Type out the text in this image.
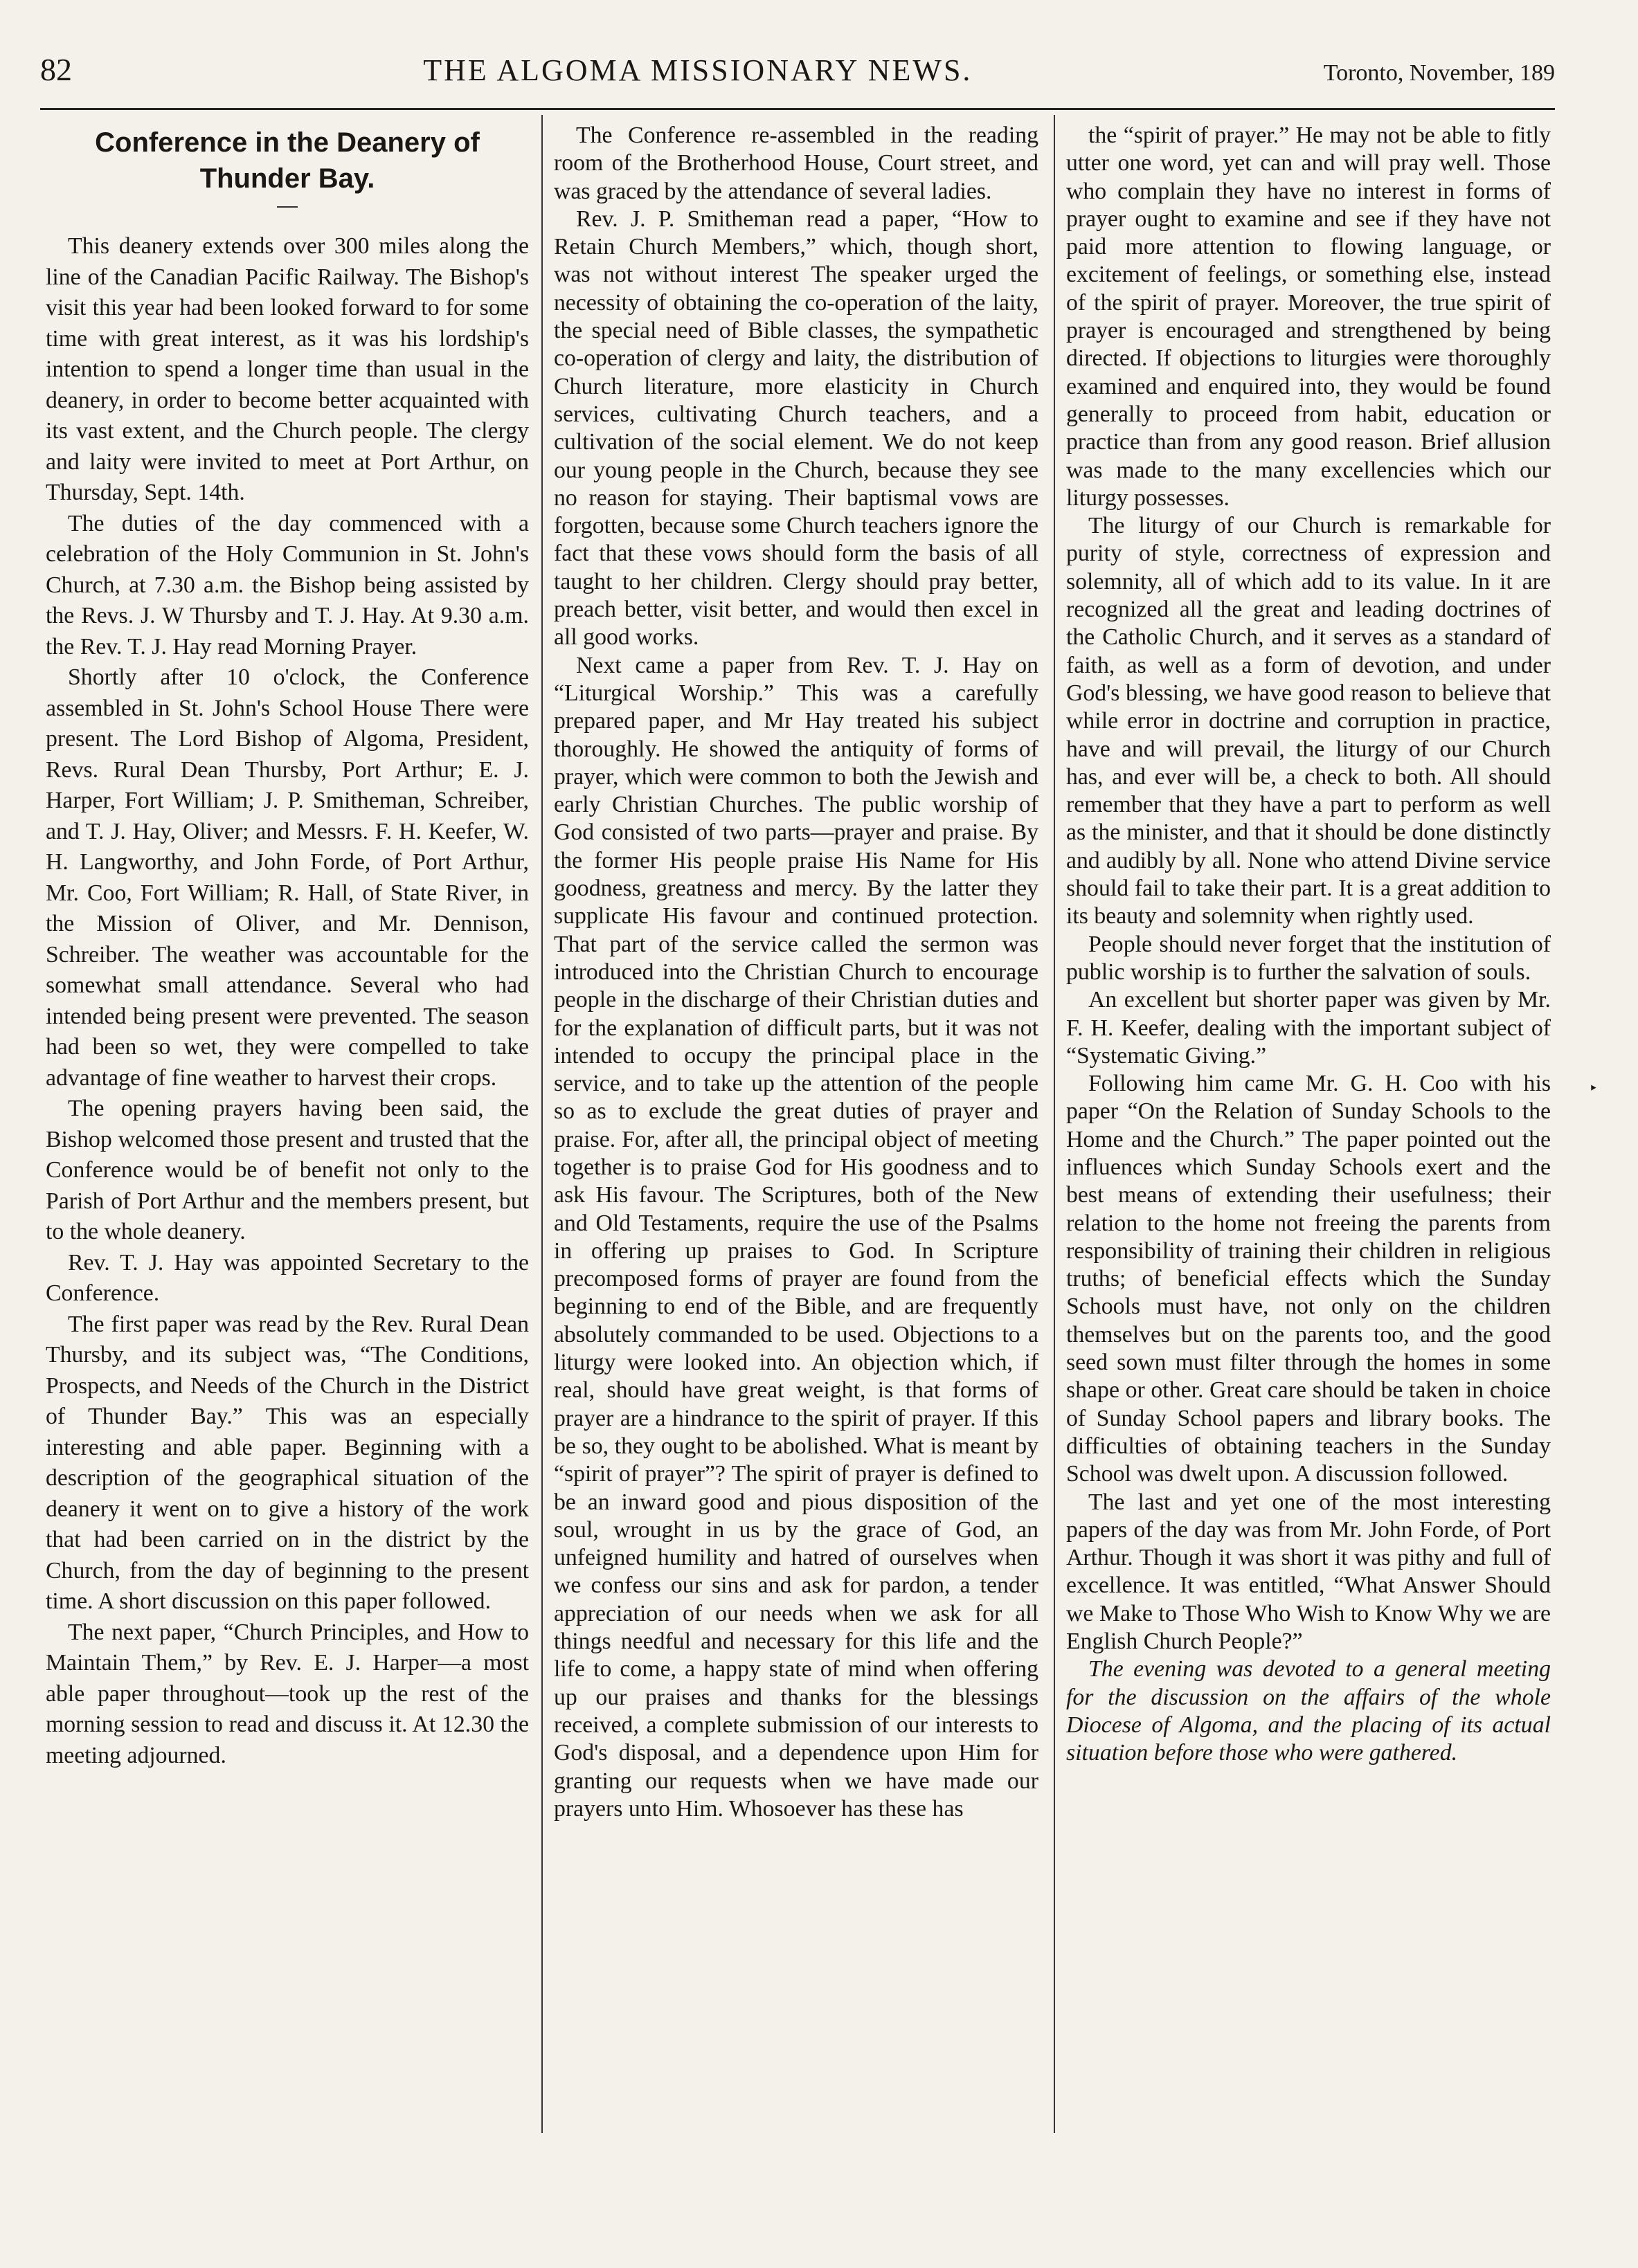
82	THE ALGOMA MISSIONARY NEWS.	Toronto, November, 189
Conference in the Deanery of
Thunder Bay.

This deanery extends over 300 miles along the line of the Canadian Pacific Railway. The Bishop's visit this year had been looked forward to for some time with great interest, as it was his lordship's intention to spend a longer time than usual in the deanery, in order to become better acquainted with its vast extent, and the Church people. The clergy and laity were invited to meet at Port Arthur, on Thursday, Sept. 14th.

The duties of the day commenced with a celebration of the Holy Communion in St. John's Church, at 7.30 a.m. the Bishop being assisted by the Revs. J. W Thursby and T. J. Hay. At 9.30 a.m. the Rev. T. J. Hay read Morning Prayer.

Shortly after 10 o'clock, the Conference assembled in St. John's School House There were present. The Lord Bishop of Algoma, President, Revs. Rural Dean Thursby, Port Arthur; E. J. Harper, Fort William; J. P. Smitheman, Schreiber, and T. J. Hay, Oliver; and Messrs. F. H. Keefer, W. H. Langworthy, and John Forde, of Port Arthur, Mr. Coo, Fort William; R. Hall, of State River, in the Mission of Oliver, and Mr. Dennison, Schreiber. The weather was accountable for the somewhat small attendance. Several who had intended being present were prevented. The season had been so wet, they were compelled to take advantage of fine weather to harvest their crops.

The opening prayers having been said, the Bishop welcomed those present and trusted that the Conference would be of benefit not only to the Parish of Port Arthur and the members present, but to the whole deanery.

Rev. T. J. Hay was appointed Secretary to the Conference.

The first paper was read by the Rev. Rural Dean Thursby, and its subject was, “The Conditions, Prospects, and Needs of the Church in the District of Thunder Bay.” This was an especially interesting and able paper. Beginning with a description of the geographical situation of the deanery it went on to give a history of the work that had been carried on in the district by the Church, from the day of beginning to the present time. A short discussion on this paper followed.

The next paper, “Church Principles, and How to Maintain Them,” by Rev. E. J. Harper—a most able paper throughout—took up the rest of the morning session to read and discuss it. At 12.30 the meeting adjourned.

The Conference re-assembled in the reading room of the Brotherhood House, Court street, and was graced by the attendance of several ladies.

Rev. J. P. Smitheman read a paper, “How to Retain Church Members,” which, though short, was not without interest The speaker urged the necessity of obtaining the co-operation of the laity, the special need of Bible classes, the sympathetic co-operation of clergy and laity, the distribution of Church literature, more elasticity in Church services, cultivating Church teachers, and a cultivation of the social element. We do not keep our young people in the Church, because they see no reason for staying. Their baptismal vows are forgotten, because some Church teachers ignore the fact that these vows should form the basis of all taught to her children. Clergy should pray better, preach better, visit better, and would then excel in all good works.

Next came a paper from Rev. T. J. Hay on “Liturgical Worship.” This was a carefully prepared paper, and Mr Hay treated his subject thoroughly. He showed the antiquity of forms of prayer, which were common to both the Jewish and early Christian Churches. The public worship of God consisted of two parts—prayer and praise. By the former His people praise His Name for His goodness, greatness and mercy. By the latter they supplicate His favour and continued protection. That part of the service called the sermon was introduced into the Christian Church to encourage people in the discharge of their Christian duties and for the explanation of difficult parts, but it was not intended to occupy the principal place in the service, and to take up the attention of the people so as to exclude the great duties of prayer and praise. For, after all, the principal object of meeting together is to praise God for His goodness and to ask His favour. The Scriptures, both of the New and Old Testaments, require the use of the Psalms in offering up praises to God. In Scripture precomposed forms of prayer are found from the beginning to end of the Bible, and are frequently absolutely commanded to be used. Objections to a liturgy were looked into. An objection which, if real, should have great weight, is that forms of prayer are a hindrance to the spirit of prayer. If this be so, they ought to be abolished. What is meant by “spirit of prayer”? The spirit of prayer is defined to be an inward good and pious disposition of the soul, wrought in us by the grace of God, an unfeigned humility and hatred of ourselves when we confess our sins and ask for pardon, a tender appreciation of our needs when we ask for all things needful and necessary for this life and the life to come, a happy state of mind when offering up our praises and thanks for the blessings received, a complete submission of our interests to God's disposal, and a dependence upon Him for granting our requests when we have made our prayers unto Him. Whosoever has these has

the “spirit of prayer.” He may not be able to fitly utter one word, yet can and will pray well. Those who complain they have no interest in forms of prayer ought to examine and see if they have not paid more attention to flowing language, or excitement of feelings, or something else, instead of the spirit of prayer. Moreover, the true spirit of prayer is encouraged and strengthened by being directed. If objections to liturgies were thoroughly examined and enquired into, they would be found generally to proceed from habit, education or practice than from any good reason. Brief allusion was made to the many excellencies which our liturgy possesses.

The liturgy of our Church is remarkable for purity of style, correctness of expression and solemnity, all of which add to its value. In it are recognized all the great and leading doctrines of the Catholic Church, and it serves as a standard of faith, as well as a form of devotion, and under God's blessing, we have good reason to believe that while error in doctrine and corruption in practice, have and will prevail, the liturgy of our Church has, and ever will be, a check to both. All should remember that they have a part to perform as well as the minister, and that it should be done distinctly and audibly by all. None who attend Divine service should fail to take their part. It is a great addition to its beauty and solemnity when rightly used.

People should never forget that the institution of public worship is to further the salvation of souls.

An excellent but shorter paper was given by Mr. F. H. Keefer, dealing with the important subject of “Systematic Giving.”

Following him came Mr. G. H. Coo with his paper “On the Relation of Sunday Schools to the Home and the Church.” The paper pointed out the influences which Sunday Schools exert and the best means of extending their usefulness; their relation to the home not freeing the parents from responsibility of training their children in religious truths; of beneficial effects which the Sunday Schools must have, not only on the children themselves but on the parents too, and the good seed sown must filter through the homes in some shape or other. Great care should be taken in choice of Sunday School papers and library books. The difficulties of obtaining teachers in the Sunday School was dwelt upon. A discussion followed.

The last and yet one of the most interesting papers of the day was from Mr. John Forde, of Port Arthur. Though it was short it was pithy and full of excellence. It was entitled, “What Answer Should we Make to Those Who Wish to Know Why we are English Church People?”

The evening was devoted to a general meeting for the discussion on the affairs of the whole Diocese of Algoma, and the placing of its actual situation before those who were gathered.

‣
